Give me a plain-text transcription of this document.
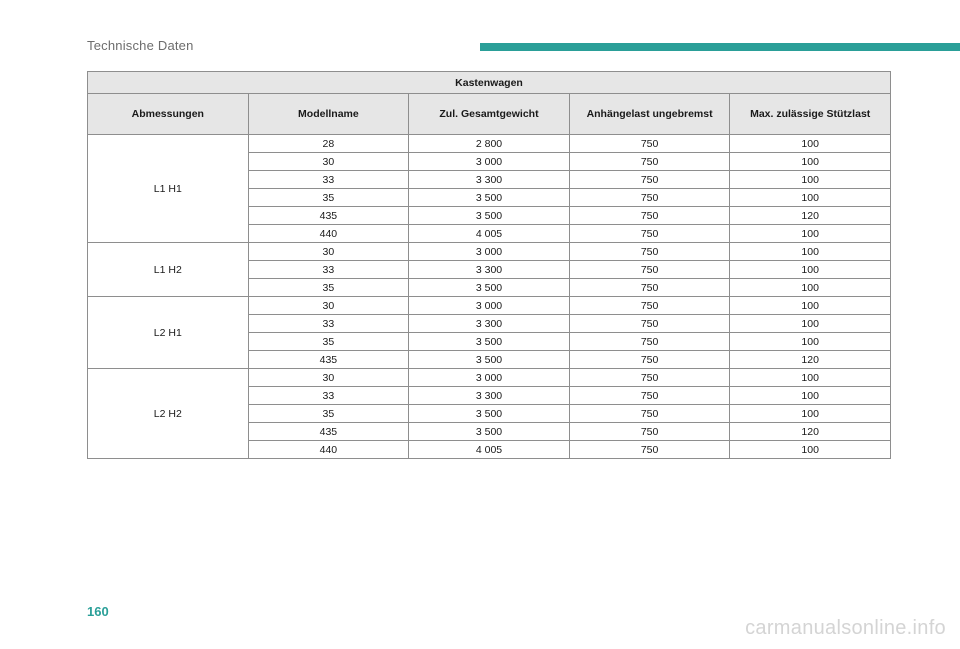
Technische Daten
Kastenwagen				
Abmessungen	Modellname	Zul. Gesamtgewicht	Anhängelast ungebremst	Max. zulässige Stützlast
L1 H1	28	2 800	750	100
	30	3 000	750	100
	33	3 300	750	100
	35	3 500	750	100
	435	3 500	750	120
	440	4 005	750	100
L1 H2	30	3 000	750	100
	33	3 300	750	100
	35	3 500	750	100
L2 H1	30	3 000	750	100
	33	3 300	750	100
	35	3 500	750	100
	435	3 500	750	120
L2 H2	30	3 000	750	100
	33	3 300	750	100
	35	3 500	750	100
	435	3 500	750	120
	440	4 005	750	100
160
carmanualsonline.info
